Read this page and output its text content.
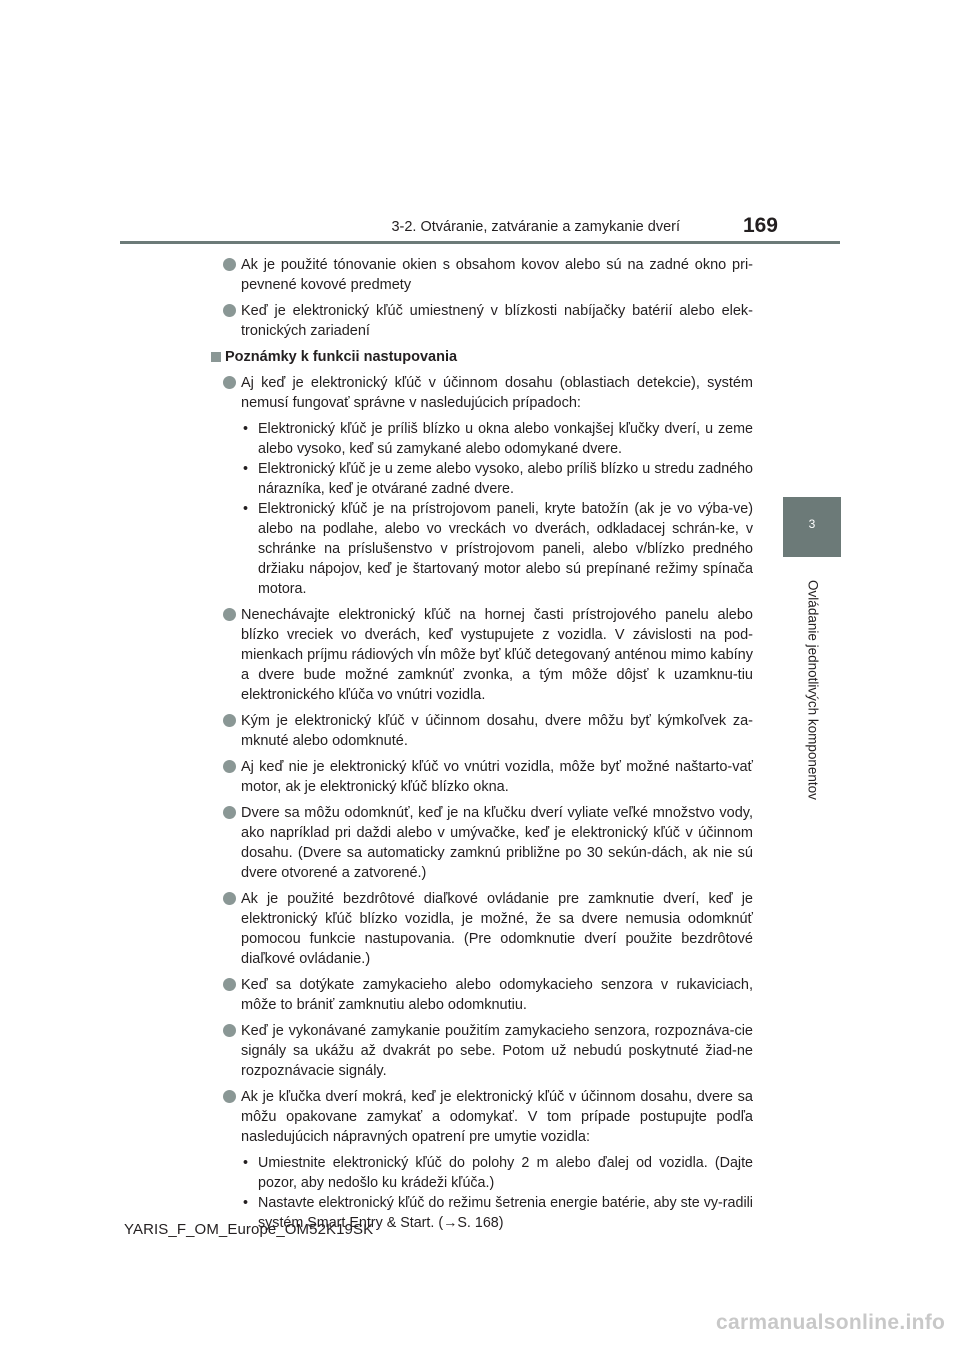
3-2. Otváranie, zatváranie a zamykanie dverí	169
3
Ovládanie jednotlivých komponentov
Ak je použité tónovanie okien s obsahom kovov alebo sú na zadné okno pri-pevnené kovové predmety
Keď je elektronický kľúč umiestnený v blízkosti nabíjačky batérií alebo elek-tronických zariadení
Poznámky k funkcii nastupovania
Aj keď je elektronický kľúč v účinnom dosahu (oblastiach detekcie), systém nemusí fungovať správne v nasledujúcich prípadoch:
• Elektronický kľúč je príliš blízko u okna alebo vonkajšej kľučky dverí, u zeme alebo vysoko, keď sú zamykané alebo odomykané dvere.
• Elektronický kľúč je u zeme alebo vysoko, alebo príliš blízko u stredu zadného nárazníka, keď je otvárané zadné dvere.
• Elektronický kľúč je na prístrojovom paneli, kryte batožín (ak je vo výba-ve) alebo na podlahe, alebo vo vreckách vo dverách, odkladacej schrán-ke, v schránke na príslušenstvo v prístrojovom paneli, alebo v/blízko predného držiaku nápojov, keď je štartovaný motor alebo sú prepínané režimy spínača motora.
Nenechávajte elektronický kľúč na hornej časti prístrojového panelu alebo blízko vreciek vo dverách, keď vystupujete z vozidla. V závislosti na pod-mienkach príjmu rádiových vĺn môže byť kľúč detegovaný anténou mimo kabíny a dvere bude možné zamknúť zvonka, a tým môže dôjsť k uzamknu-tiu elektronického kľúča vo vnútri vozidla.
Kým je elektronický kľúč v účinnom dosahu, dvere môžu byť kýmkoľvek za-mknuté alebo odomknuté.
Aj keď nie je elektronický kľúč vo vnútri vozidla, môže byť možné naštarto-vať motor, ak je elektronický kľúč blízko okna.
Dvere sa môžu odomknúť, keď je na kľučku dverí vyliate veľké množstvo vody, ako napríklad pri daždi alebo v umývačke, keď je elektronický kľúč v účinnom dosahu. (Dvere sa automaticky zamknú približne po 30 sekún-dách, ak nie sú dvere otvorené a zatvorené.)
Ak je použité bezdrôtové diaľkové ovládanie pre zamknutie dverí, keď je elektronický kľúč blízko vozidla, je možné, že sa dvere nemusia odomknúť pomocou funkcie nastupovania. (Pre odomknutie dverí použite bezdrôtové diaľkové ovládanie.)
Keď sa dotýkate zamykacieho alebo odomykacieho senzora v rukaviciach, môže to brániť zamknutiu alebo odomknutiu.
Keď je vykonávané zamykanie použitím zamykacieho senzora, rozpoznáva-cie signály sa ukážu až dvakrát po sebe. Potom už nebudú poskytnuté žiad-ne rozpoznávacie signály.
Ak je kľučka dverí mokrá, keď je elektronický kľúč v účinnom dosahu, dvere sa môžu opakovane zamykať a odomykať. V tom prípade postupujte podľa nasledujúcich nápravných opatrení pre umytie vozidla:
• Umiestnite elektronický kľúč do polohy 2 m alebo ďalej od vozidla. (Dajte pozor, aby nedošlo ku krádeži kľúča.)
• Nastavte elektronický kľúč do režimu šetrenia energie batérie, aby ste vy-radili systém Smart Entry & Start. (→S. 168)
YARIS_F_OM_Europe_OM52K19SK
carmanualsonline.info
